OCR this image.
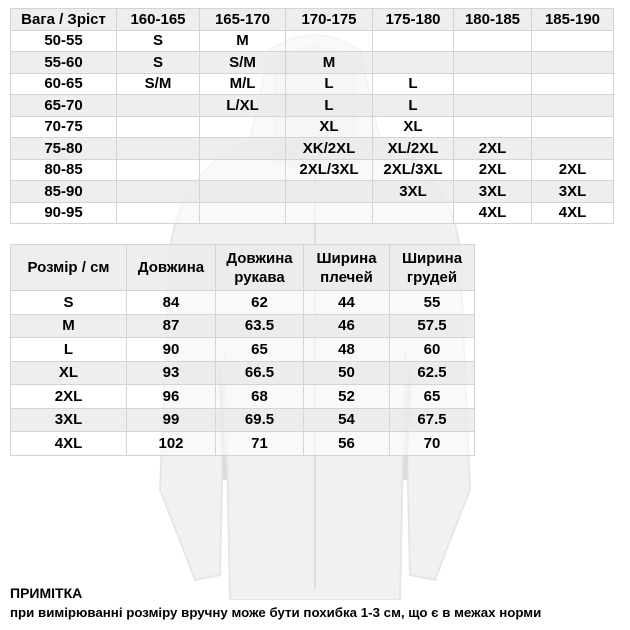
Вага / Зріст	160-165	165-170	170-175	175-180	180-185	185-190
50-55	S	M				
55-60	S	S/M	M			
60-65	S/M	M/L	L	L		
65-70		L/XL	L	L		
70-75			XL	XL		
75-80			XK/2XL	XL/2XL	2XL	
80-85			2XL/3XL	2XL/3XL	2XL	2XL
85-90				3XL	3XL	3XL
90-95					4XL	4XL
Розмір / см	Довжина	Довжина рукава	Ширина плечей	Ширина грудей
S	84	62	44	55
M	87	63.5	46	57.5
L	90	65	48	60
XL	93	66.5	50	62.5
2XL	96	68	52	65
3XL	99	69.5	54	67.5
4XL	102	71	56	70
ПРИМІТКА
при вимірюванні розміру вручну може бути похибка 1-3 см, що є в межах норми
